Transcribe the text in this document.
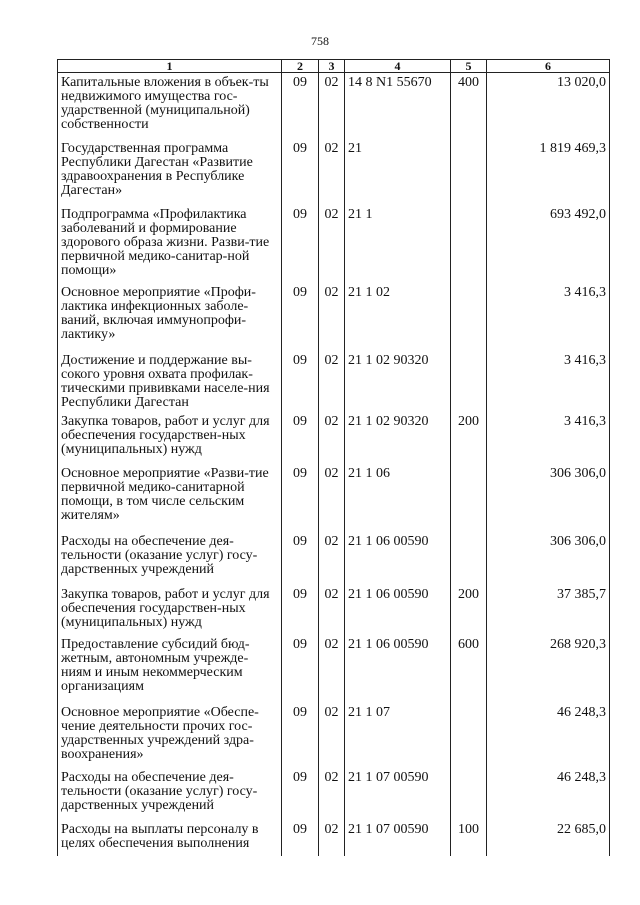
758
1	2	3	4	5	6
Капитальные вложения в объек-ты недвижимого имущества гос-ударственной (муниципальной) собственности	09	02	14 8 N1 55670	400	13 020,0
Государственная программа Республики Дагестан «Развитие здравоохранения в Республике Дагестан»	09	02	21		1 819 469,3
Подпрограмма «Профилактика заболеваний и формирование здорового образа жизни. Разви-тие первичной медико-санитар-ной помощи»	09	02	21 1		693 492,0
Основное мероприятие «Профи-лактика инфекционных заболе-ваний, включая иммунопрофи-лактику»	09	02	21 1 02		3 416,3
Достижение и поддержание вы-сокого уровня охвата профилак-тическими прививками населе-ния Республики Дагестан	09	02	21 1 02 90320		3 416,3
Закупка товаров, работ и услуг для обеспечения государствен-ных (муниципальных) нужд	09	02	21 1 02 90320	200	3 416,3
Основное мероприятие «Разви-тие первичной медико-санитарной помощи, в том числе сельским жителям»	09	02	21 1 06		306 306,0
Расходы на обеспечение дея-тельности (оказание услуг) госу-дарственных учреждений	09	02	21 1 06 00590		306 306,0
Закупка товаров, работ и услуг для обеспечения государствен-ных (муниципальных) нужд	09	02	21 1 06 00590	200	37 385,7
Предоставление субсидий бюд-жетным, автономным учрежде-ниям и иным некоммерческим организациям	09	02	21 1 06 00590	600	268 920,3
Основное мероприятие «Обеспе-чение деятельности прочих гос-ударственных учреждений здра-воохранения»	09	02	21 1 07		46 248,3
Расходы на обеспечение дея-тельности (оказание услуг) госу-дарственных учреждений	09	02	21 1 07 00590		46 248,3
Расходы на выплаты персоналу в целях обеспечения выполнения	09	02	21 1 07 00590	100	22 685,0
